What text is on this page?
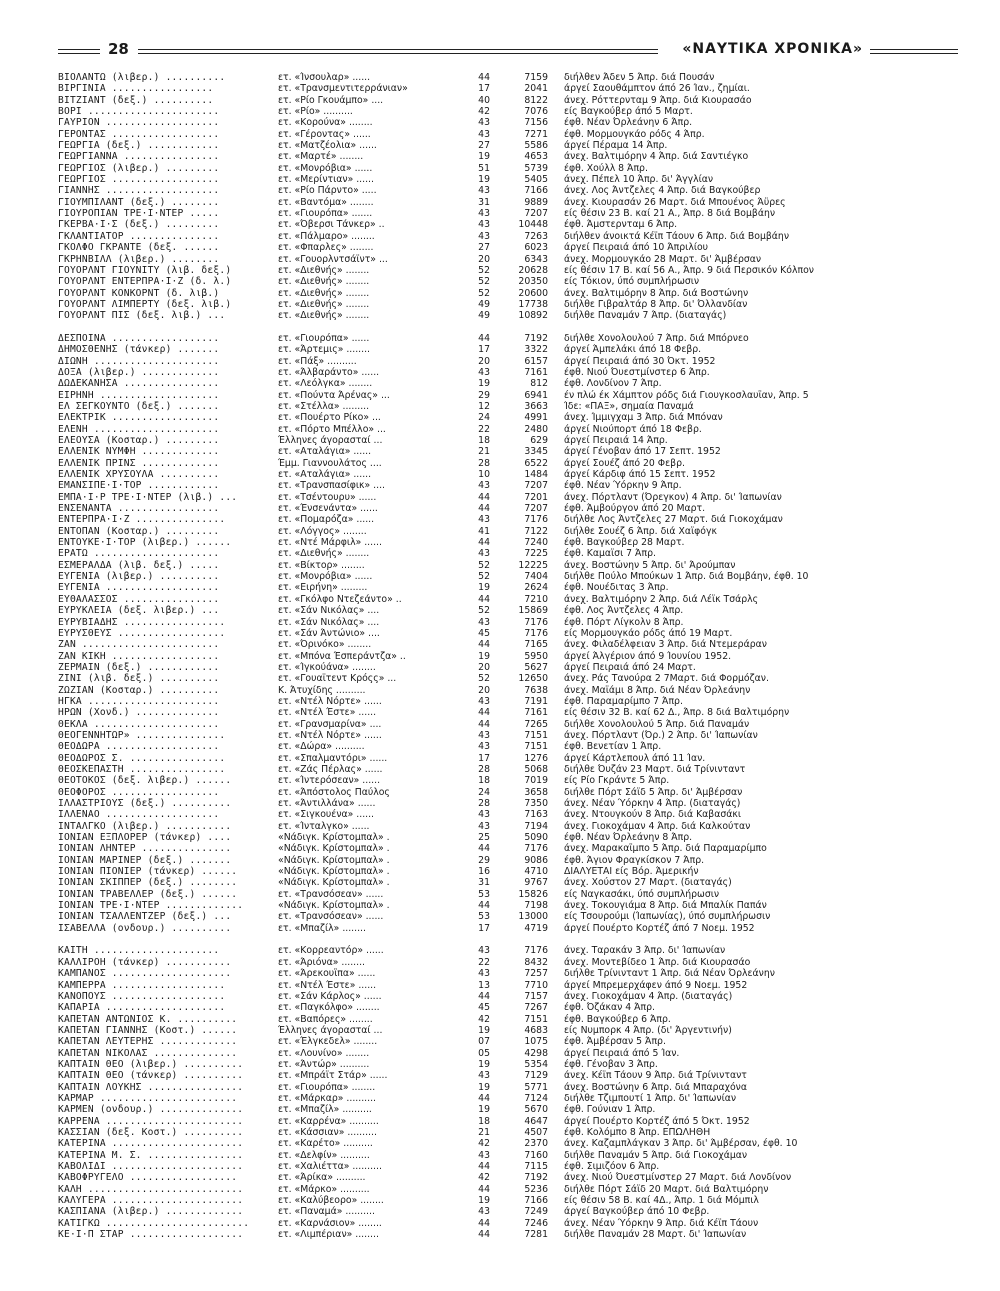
28	«ΝΑΥΤΙΚΑ ΧΡΟΝΙΚΑ»
ΒΙΟΛΑΝΤΩ (λιβερ.) ..........	ετ. «Ίνσουλαρ» ......	44	7159	διήλθεν Άδεν 5 Άπρ. διά Πουσάν
ΒΙΡΓΙΝΙΑ .................	ετ. «Τρανσμεντιτερράνιαν»	17	2041	άργεί Σαουθάμπτον άπό 26 Ίαν., ζημίαι.
ΒΙΤΖΙΑΝΤ (δεξ.) ..........	ετ. «Ρίο Γκουάμπο» ....	40	8122	άνεχ. Ρόττερνταμ 9 Άπρ. διά Κιουρασάο
ΒΟΡΙ ......................	ετ. «Ρίο» ..........	42	7076	είς Βαγκούβερ άπό 5 Μαρτ.
ΓΑΥΡΙΟΝ ...................	ετ. «Κορούνα» ........	43	7156	έφθ. Νέαν Όρλεάνην 6 Άπρ.
ΓΕΡΟΝΤΑΣ ..................	ετ. «Γέροντας» ......	43	7271	έφθ. Μορμουγκάο ρόδς 4 Άπρ.
ΓΕΩΡΓΙΑ (δεξ.) ............	ετ. «Ματζέολια» ......	27	5586	άργεί Πέραμα 14 Άπρ.
ΓΕΩΡΓΙΑΝΝΑ ................	ετ. «Μαρτέ» ........	19	4653	άνεχ. Βαλτιμόρην 4 Άπρ. διά Σαντιέγκο
ΓΕΩΡΓΙΟΣ (λιβερ.) .........	ετ. «Μονρόβια» ......	51	5739	έφθ. Χούλλ 8 Άπρ.
ΓΕΩΡΓΙΟΣ ..................	ετ. «Μερίντιαν» ......	19	5405	άνεχ. Πέπελ 10 Άπρ. δι' Άγγλίαν
ΓΙΑΝΝΗΣ ...................	ετ. «Ρίο Πάρντο» .....	43	7166	άνεχ. Λος Άντζελες 4 Άπρ. διά Βαγκούβερ
ΓΙΟΥΜΠΙΛΑΝΤ (δεξ.) ........	ετ. «Βαντόμα» ........	31	9889	άνεχ. Κιουρασάν 26 Μαρτ. διά Μπουένος Άϋρες
ΓΙΟΥΡΟΠΙΑΝ ΤΡΕ·Ι·ΝΤΕΡ .....	ετ. «Γιουρόπα» .......	43	7207	είς θέσιν 23 Β. καί 21 Α., Άπρ. 8 διά Βομβάην
ΓΚΕΡΒΑ·Ι·Σ (δεξ.) .........	ετ. «Όβερσι Τάνκερ» ..	43	10448	έφθ. Άμστερνταμ 6 Άπρ.
ΓΚΛΑΝΤΙΑΤΟΡ ...............	ετ. «Πάλμαρο» ........	43	7263	διήλθεν άνοικτά Κέϊπ Τάουν 6 Άπρ. διά Βομβάην
ΓΚΟΛΦΟ ΓΚΡΑΝΤΕ (δεξ. ......	ετ. «Φπαρλες» ........	27	6023	άργεί Πειραιά άπό 10 Άπριλίου
ΓΚΡΗΝΒΙΛΛ (λιβερ.) ........	ετ. «Γουορλντσάϊντ» ...	20	6343	άνεχ. Μορμουγκάο 28 Μαρτ. δι' Άμβέρσαν
ΓΟΥΟΡΛΝΤ ΓΙΟΥΝΙΤΥ (λιβ. δεξ.)	ετ. «Διεθνής» ........	52	20628	είς θέσιν 17 Β. καί 56 Α., Άπρ. 9 διά Περσικόν Κόλπον
ΓΟΥΟΡΛΝΤ ΕΝΤΕΡΠΡΑ·Ι·Ζ (δ. λ.)	ετ. «Διεθνής» ........	52	20350	είς Τόκιον, ύπό συμπλήρωσιν
ΓΟΥΟΡΛΝΤ ΚΟΝΚΟΡΝΤ (δ. λιβ.)	ετ. «Διεθνής» ........	52	20600	άνεχ. Βαλτιμόρην 8 Άπρ. διά Βοστώνην
ΓΟΥΟΡΛΝΤ ΛΙΜΠΕΡΤΥ (δεξ. λιβ.)	ετ. «Διεθνής» ........	49	17738	διήλθε Γιβραλτάρ 8 Άπρ. δι' Όλλανδίαν
ΓΟΥΟΡΛΝΤ ΠΙΣ (δεξ. λιβ.) ...	ετ. «Διεθνής» ........	49	10892	διήλθε Παναμάν 7 Άπρ. (διαταγάς)
ΔΕΣΠΟΙΝΑ ..................	ετ. «Γιουρόπα» ......	44	7192	διήλθε Χονολουλού 7 Άπρ. διά Μπόρνεο
ΔΗΜΟΣΘΕΝΗΣ (τάνκερ) .......	ετ. «Άρτεμις» ........	17	3322	άργεί Άμπελάκι άπό 18 Φεβρ.
ΔΙΩΝΗ .....................	ετ. «Πάξ» ..........	20	6157	άργεί Πειραιά άπό 30 Όκτ. 1952
ΔΟΞΑ (λιβερ.) .............	ετ. «Άλβαράντο» ......	43	7161	έφθ. Νιού Όυεστμίνστερ 6 Άπρ.
ΔΩΔΕΚΑΝΗΣΑ ................	ετ. «Λεόλγκα» ........	19	812	έφθ. Λονδίνον 7 Άπρ.
ΕΙΡΗΝΗ ....................	ετ. «Πούντα Άρένας» ...	29	6941	έν πλώ έκ Χάμπτον ρόδς διά Γιουγκοσλαυΐαν, Άπρ. 5
ΕΛ ΣΕΓΚΟΥΝΤΟ (δεξ.) .......	ετ. «Στέλλα» .........	12	3663	Ίδε: «ΠΑΞ», σημαία Παναμά
ΕΛΕΚΤΡΙΚ ..................	ετ. «Πουέρτο Ρίκο» ...	24	4991	άνεχ. Ίμμιγχαμ 3 Άπρ. διά Μπόναν
ΕΛΕΝΗ .....................	ετ. «Πόρτο Μπέλλο» ...	22	2480	άργεί Νιούπορτ άπό 18 Φεβρ.
ΕΛΕΟΥΣΑ (Κοσταρ.) .........	Έλληνες άγορασταί ...	18	629	άργεί Πειραιά 14 Άπρ.
ΕΛΛΕΝΙΚ ΝΥΜΦΗ .............	ετ. «Αταλάγια» ......	21	3345	άργεί Γένοβαν άπό 17 Σεπτ. 1952
ΕΛΛΕΝΙΚ ΠΡΙΝΣ .............	Έμμ. Γιαννουλάτος ....	28	6522	άργεί Σουέζ άπό 20 Φεβρ.
ΕΛΛΕΝΙΚ ΧΡΥΣΟΥΛΑ ..........	ετ. «Αταλάγια» ......	10	1484	άργεί Κάρδιφ άπό 15 Σεπτ. 1952
ΕΜΑΝΣΙΠΕ·Ι·ΤΟΡ ............	ετ. «Τρανσπασίφικ» ....	43	7207	έφθ. Νέαν Ύόρκην 9 Άπρ.
ΕΜΠΑ·Ι·Ρ ΤΡΕ·Ι·ΝΤΕΡ (λιβ.) ...	ετ. «Τσέντουρυ» ......	44	7201	άνεχ. Πόρτλαντ (Όρεγκον) 4 Άπρ. δι' Ίαπωνίαν
ΕΝΣΕΝΑΝΤΑ .................	ετ. «Ένσενάντα» ......	44	7207	έφθ. Άμβούργον άπό 20 Μαρτ.
ΕΝΤΕΡΠΡΑ·Ι·Ζ ...............	ετ. «Πομαρόζα» ......	43	7176	διήλθε Λος Άντζελες 27 Μαρτ. διά Γιοκοχάμαν
ΕΝΤΟΠΑΝ (Κοσταρ.) .........	ετ. «Λόγγος» ........	41	7122	διήλθε Σουέζ 6 Άπρ. διά Χαϊφόγκ
ΕΝΤΟΥΚΕ·Ι·ΤΟΡ (λιβερ.) ......	ετ. «Ντέ Μάρφιλ» ......	44	7240	έφθ. Βαγκούβερ 28 Μαρτ.
ΕΡΑΤΩ .....................	ετ. «Διεθνής» ........	43	7225	έφθ. Καμαϊσι 7 Άπρ.
ΕΣΜΕΡΑΛΔΑ (λιβ. δεξ.) .....	ετ. «Βίκτορ» ........	52	12225	άνεχ. Βοστώνην 5 Άπρ. δι' Άρούμπαν
ΕΥΓΕΝΙΑ (λιβερ.) ..........	ετ. «Μονρόβια» ......	52	7404	διήλθε Πούλο Μπούκων 1 Άπρ. διά Βομβάην, έφθ. 10
ΕΥΓΕΝΙΑ ...................	ετ. «Ειρήνη» .........	19	2624	έφθ. Νουέδιτας 3 Άπρ.
ΕΥΘΑΛΑΣΣΟΣ ................	ετ. «Γκόλφο Ντεζεάντο» ..	44	7210	άνεχ. Βαλτιμόρην 2 Άπρ. διά Λέϊκ Τσάρλς
ΕΥΡΥΚΛΕΙΑ (δεξ. λιβερ.) ...	ετ. «Σάν Νικόλας» ....	52	15869	έφθ. Λος Άντζελες 4 Άπρ.
ΕΥΡΥΒΙΑΔΗΣ .................	ετ. «Σάν Νικόλας» ....	43	7176	έφθ. Πόρτ Λίγκολν 8 Άπρ.
ΕΥΡΥΣΘΕΥΣ ..................	ετ. «Σάν Άντώνιο» ....	45	7176	είς Μορμουγκάο ρόδς άπό 19 Μαρτ.
ΖΑΝ .......................	ετ. «Όρινόκο» ........	44	7165	άνεχ. Φιλαδέλφειαν 3 Άπρ. διά Ντεμεράραν
ΖΑΝ ΚΙΚΗ ..................	ετ. «Μπόνα Έσπεράντζα» ..	19	5950	άργεί Άλγέριον άπό 9 Ίουνίου 1952.
ΖΕΡΜΑΙΝ (δεξ.) ............	ετ. «Ίγκούάνα» ........	20	5627	άργεί Πειραιά άπό 24 Μαρτ.
ΖΙΝΙ (λιβ. δεξ.) ..........	ετ. «Γουαϊτεντ Κρόςς» ...	52	12650	άνεχ. Ράς Τανούρα 2 7Μαρτ. διά Φορμόζαν.
ΖΩΖΙΑΝ (Κοσταρ.) ..........	Κ. Άτυχίδης ..........	20	7638	άνεχ. Μαϊάμι 8 Άπρ. διά Νέαν Όρλεάνην
ΗΓΚΑ ......................	ετ. «Ντέλ Νόρτε» ......	43	7191	έφθ. Παραμαρίμπο 7 Άπρ.
ΗΡΩΝ (Χονδ.) ..............	ετ. «Ντέλ Έστε» ......	44	7161	είς θέσιν 32 Β. καί 62 Δ., Άπρ. 8 διά Βαλτιμόρην
ΘΕΚΛΑ .....................	ετ. «Γρανσμαρίνα» ....	44	7265	διήλθε Χονολουλού 5 Άπρ. διά Παναμάν
ΘΕΟΓΕΝΝΗΤΩΡ» ...............	ετ. «Ντέλ Νόρτε» ......	43	7151	άνεχ. Πόρτλαντ (Όρ.) 2 Άπρ. δι' Ίαπωνίαν
ΘΕΟΔΩΡΑ ...................	ετ. «Δώρα» ..........	43	7151	έφθ. Βενετίαν 1 Άπρ.
ΘΕΟΔΩΡΟΣ Σ. ................	ετ. «Σπαλμαντόρι» ......	17	1276	άργεί Κάρτλεπουλ άπό 11 Ίαν.
ΘΕΟΣΚΕΠΑΣΤΗ ................	ετ. «Ζάς Πέρλας» ......	28	5068	διήλθε Όυζάν 23 Μαρτ. διά Τρίνινταντ
ΘΕΟΤΟΚΟΣ (δεξ. λιβερ.) ......	ετ. «Ίντερόσεαν» ......	18	7019	είς Ρίο Γκράντε 5 Άπρ.
ΘΕΟΦΟΡΟΣ ..................	ετ. «Άπόστολος Παύλος	24	3658	διήλθε Πόρτ Σάϊδ 5 Άπρ. δι' Άμβέρσαν
ΙΛΛΑΣΤΡΙΟΥΣ (δεξ.) ..........	ετ. «Άντιλλάνα» ......	28	7350	άνεχ. Νέαν Ύόρκην 4 Άπρ. (διαταγάς)
ΙΛΛΕΝΑΟ ...................	ετ. «Σιγκουένα» ......	43	7163	άνεχ. Ντουγκούν 8 Άπρ. διά Καβασάκι
ΙΝΤΑΛΓΚΟ (λιβερ.) ...........	ετ. «Ίνταλγκο» ......	43	7194	άνεχ. Γιοκοχάμαν 4 Άπρ. διά Καλκούταν
ΙΟΝΙΑΝ ΕΞΠΛΟΡΕΡ (τάνκερ) ....	«Νάδιγκ. Κρίστομπαλ» .	25	5090	έφθ. Νέαν Όρλεάνην 8 Άπρ.
ΙΟΝΙΑΝ ΛΗΝΤΕΡ ...............	«Νάδιγκ. Κρίστομπαλ» .	44	7176	άνεχ. Μαρακαΐμπο 5 Άπρ. διά Παραμαρίμπο
ΙΟΝΙΑΝ ΜΑΡΙΝΕΡ (δεξ.) .......	«Νάδιγκ. Κρίστομπαλ» .	29	9086	έφθ. Άγιον Φραγκίσκον 7 Άπρ.
ΙΟΝΙΑΝ ΠΙΟΝΙΕΡ (τάνκερ) ......	«Νάδιγκ. Κρίστομπαλ» .	16	4710	ΔΙΑΛΥΕΤΑΙ είς Βόρ. Άμερικήν
ΙΟΝΙΑΝ ΣΚΙΠΠΕΡ (δεξ.) ........	«Νάδιγκ. Κρίστομπαλ» .	31	9767	άνεχ. Χούστον 27 Μαρτ. (διαταγάς)
ΙΟΝΙΑΝ ΤΡΑΒΕΛΛΕΡ (δεξ.) ......	ετ. «Τρανσόσεαν» ......	53	15826	είς Ναγκασάκι, ύπό συμπλήρωσιν
ΙΟΝΙΑΝ ΤΡΕ·Ι·ΝΤΕΡ .............	«Νάδιγκ. Κρίστομπαλ» .	44	7198	άνεχ. Τοκουγιάμα 8 Άπρ. διά Μπαλίκ Παπάν
ΙΟΝΙΑΝ ΤΣΑΛΛΕΝΤΖΕΡ (δεξ.) ...	ετ. «Τρανσόσεαν» ......	53	13000	είς Τσουρούμι (Ίαπωνίας), ύπό συμπλήρωσιν
ΙΣΑΒΕΛΛΑ (ονδουρ.) ..........	ετ. «Μπαζίλ» ........	17	4719	άργεί Πουέρτο Κορτέζ άπό 7 Νοεμ. 1952
ΚΑΙΤΗ .....................	ετ. «Κορρεαντόρ» ......	43	7176	άνεχ. Ταρακάν 3 Άπρ. δι' Ίαπωνίαν
ΚΑΛΛΙΡΟΗ (τάνκερ) ...........	ετ. «Άριόνα» ........	22	8432	άνεχ. Μοντεβίδεο 1 Άπρ. διά Κιουρασάο
ΚΑΜΠΑΝΟΣ ....................	ετ. «Άρεκουΐπα» ......	43	7257	διήλθε Τρίνινταντ 1 Άπρ. διά Νέαν Όρλεάνην
ΚΑΜΠΕΡΡΑ ...................	ετ. «Ντέλ Έστε» ......	13	7710	άργεί Μπρεμερχάφεν άπό 9 Νοεμ. 1952
ΚΑΝΟΠΟΥΣ ...................	ετ. «Σάν Κάρλος» ......	44	7157	άνεχ. Γιοκοχάμαν 4 Άπρ. (διαταγάς)
ΚΑΠΑΡΙΑ ....................	ετ. «Παγκόλφο» ........	45	7267	έφθ. Όζάκαν 4 Άπρ.
ΚΑΠΕΤΑΝ ΑΝΤΩΝΙΟΣ Κ. ..........	ετ. «Βαπόρες» ........	42	7151	έφθ. Βαγκούβερ 6 Άπρ.
ΚΑΠΕΤΑΝ ΓΙΑΝΝΗΣ (Κοστ.) ......	Έλληνες άγορασταί ...	19	4683	είς Νυμπορκ 4 Άπρ. (δι' Άργεντινήν)
ΚΑΠΕΤΑΝ ΛΕΥΤΕΡΗΣ .............	ετ. «Έλγκεδελ» ........	07	1075	έφθ. Άμβέρσαν 5 Άπρ.
ΚΑΠΕΤΑΝ ΝΙΚΟΛΑΣ ..............	ετ. «Λουνίνο» ........	05	4298	άργεί Πειραιά άπό 5 Ίαν.
ΚΑΠΤΑΙΝ ΘΕΟ (λιβερ.) ..........	ετ. «Άντώρ» ..........	19	5354	έφθ. Γένοβαν 3 Άπρ.
ΚΑΠΤΑΙΝ ΘΕΟ (τάνκερ) ..........	ετ. «Μπράϊτ Στάρ» ......	43	7129	άνεχ. Κέϊπ Τάουν 9 Άπρ. διά Τρίνινταντ
ΚΑΠΤΑΙΝ ΛΟΥΚΗΣ ................	ετ. «Γιουρόπα» ........	19	5771	άνεχ. Βοστώνην 6 Άπρ. διά Μπαραχόνα
ΚΑΡΜΑΡ .......................	ετ. «Μάρκαρ» ..........	44	7124	διήλθε Τζιμπουτί 1 Άπρ. δι' Ίαπωνίαν
ΚΑΡΜΕΝ (ονδουρ.) ..............	ετ. «Μπαζίλ» ..........	19	5670	έφθ. Γούνιαν 1 Άπρ.
ΚΑΡΡΕΝΑ .......................	ετ. «Καρρένα» ..........	18	4647	άργεί Πουέρτο Κορτέζ άπό 5 Όκτ. 1952
ΚΑΣΣΙΑΝ (δεξ. Κοστ.) ..........	ετ. «Κάσσιαν» ..........	21	4507	έφθ. Κολόμπο 8 Άπρ. ΕΠΩΛΗΘΗ
ΚΑΤΕΡΙΝΑ ......................	ετ. «Καρέτο» ..........	42	2370	άνεχ. Καζαμπλάγκαν 3 Άπρ. δι' Άμβέρσαν, έφθ. 10
ΚΑΤΕΡΙΝΑ Μ. Σ. ................	ετ. «Δελφίν» ..........	43	7160	διήλθε Παναμάν 5 Άπρ. διά Γιοκοχάμαν
ΚΑΒΟΛΙΔΙ ......................	ετ. «Χαλιέττα» ..........	44	7115	έφθ. Σιμιζόον 6 Άπρ.
ΚΑΒΟΦΡΥΓΕΛΟ ..................	ετ. «Άρίκα» ..........	42	7192	άνεχ. Νιού Όυεστμίνστερ 27 Μαρτ. διά Λονδίνον
ΚΑΛΗ ..........................	ετ. «Μάρκο» ..........	44	5236	διήλθε Πόρτ Σάϊδ 20 Μαρτ. διά Βαλτιμόρην
ΚΑΛΥΓΕΡΑ ......................	ετ. «Καλύβεορο» ........	19	7166	είς θέσιν 58 Β. καί 4Δ., Άπρ. 1 διά Μόμπιλ
ΚΑΣΠΙΑΝΑ (λιβερ.) .............	ετ. «Παναμά» ..........	43	7249	άργεί Βαγκούβερ άπό 10 Φεβρ.
ΚΑΤΙΓΚΩ ........................	ετ. «Καρνάσιον» ........	44	7246	άνεχ. Νέαν Ύόρκην 9 Άπρ. διά Κέϊπ Τάουν
ΚΕ·Ι·Π ΣΤΑΡ ...................	ετ. «Λιμπέριαν» ........	44	7281	διήλθε Παναμάν 28 Μαρτ. δι' Ίαπωνίαν
